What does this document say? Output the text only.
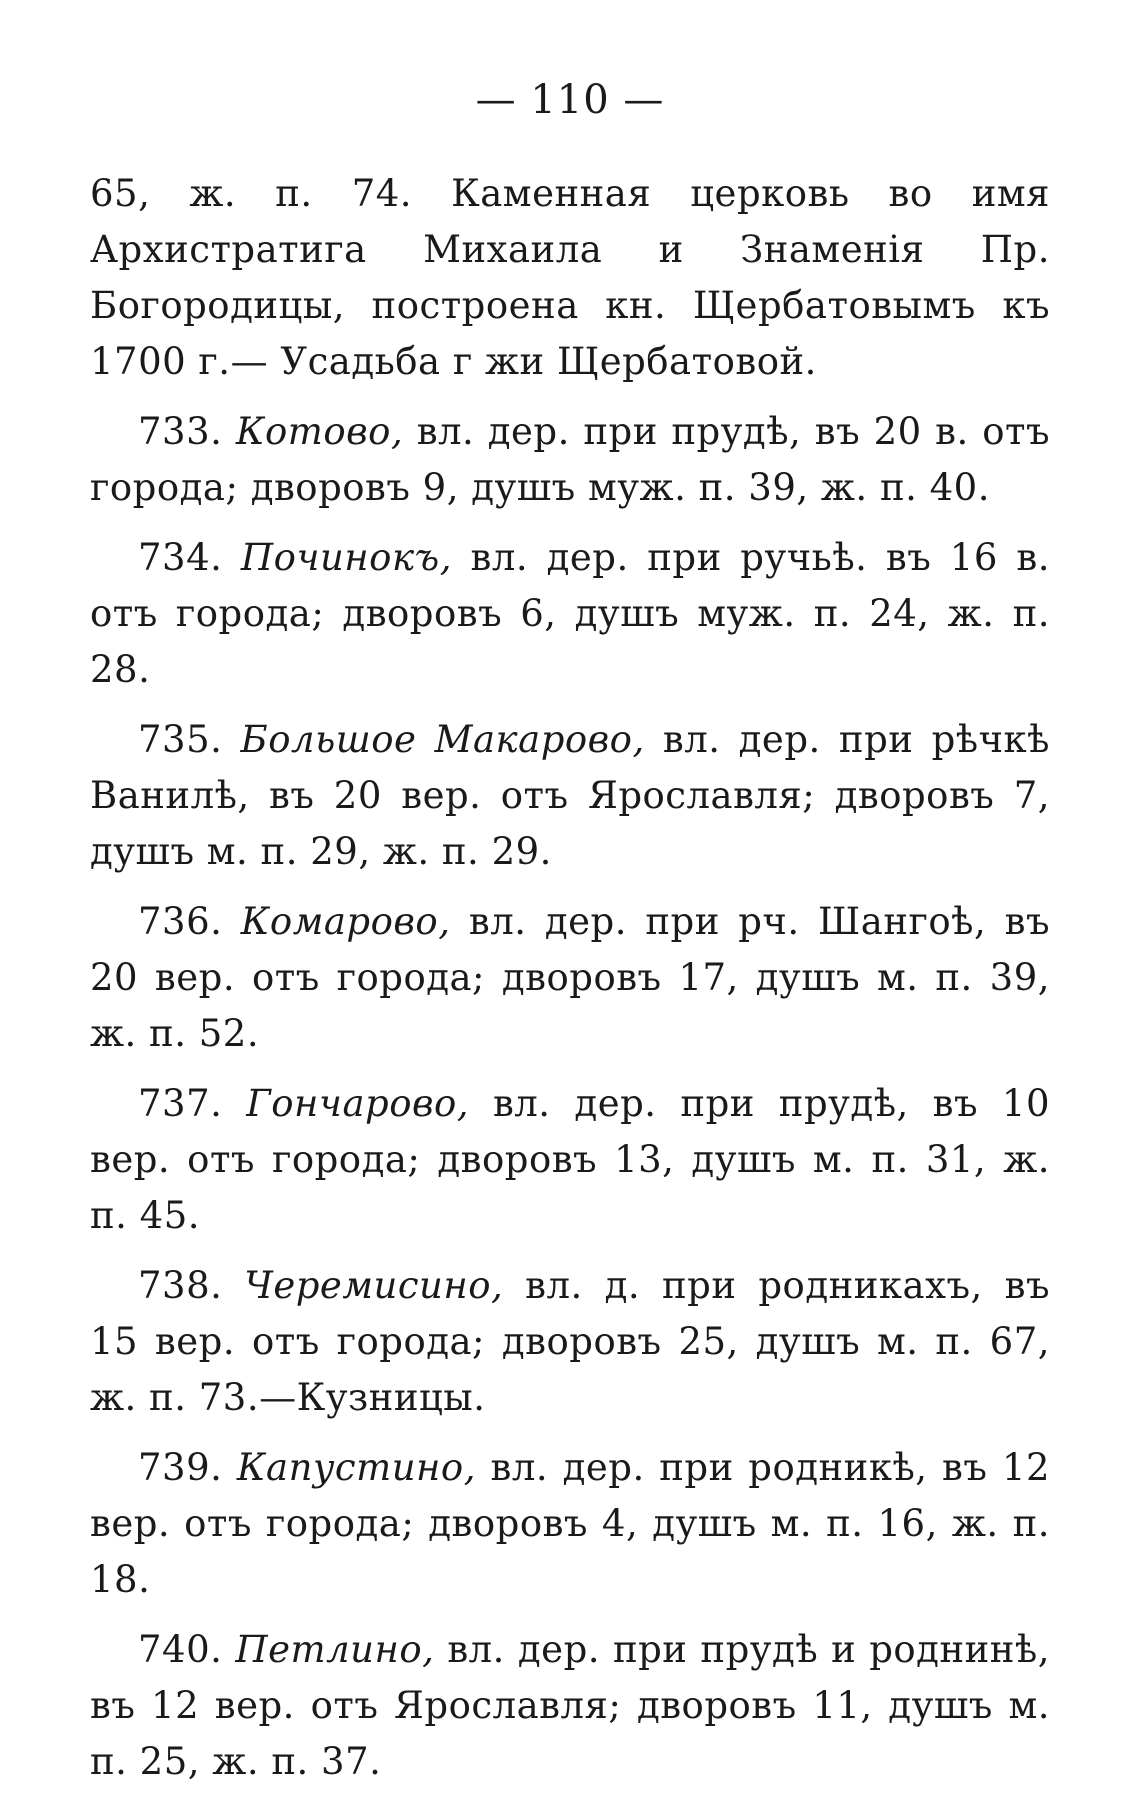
— 110 —

65, ж. п. 74. Каменная церковь во имя Архистратига Михаила и Знаменія Пр. Богородицы, построена кн. Щербатовымъ къ 1700 г.— Усадьба г жи Щербатовой.

733. Котово, вл. дер. при прудѣ, въ 20 в. отъ города; дворовъ 9, душъ муж. п. 39, ж. п. 40.

734. Починокъ, вл. дер. при ручьѣ. въ 16 в. отъ города; дворовъ 6, душъ муж. п. 24, ж. п. 28.

735. Большое Макарово, вл. дер. при рѣчкѣ Ванилѣ, въ 20 вер. отъ Ярославля; дворовъ 7, душъ м. п. 29, ж. п. 29.

736. Комарово, вл. дер. при рч. Шангоѣ, въ 20 вер. отъ города; дворовъ 17, душъ м. п. 39, ж. п. 52.

737. Гончарово, вл. дер. при прудѣ, въ 10 вер. отъ города; дворовъ 13, душъ м. п. 31, ж. п. 45.

738. Черемисино, вл. д. при родникахъ, въ 15 вер. отъ города; дворовъ 25, душъ м. п. 67, ж. п. 73.—Кузницы.

739. Капустино, вл. дер. при родникѣ, въ 12 вер. отъ города; дворовъ 4, душъ м. п. 16, ж. п. 18.

740. Петлино, вл. дер. при прудѣ и роднинѣ, въ 12 вер. отъ Ярославля; дворовъ 11, душъ м. п. 25, ж. п. 37.
